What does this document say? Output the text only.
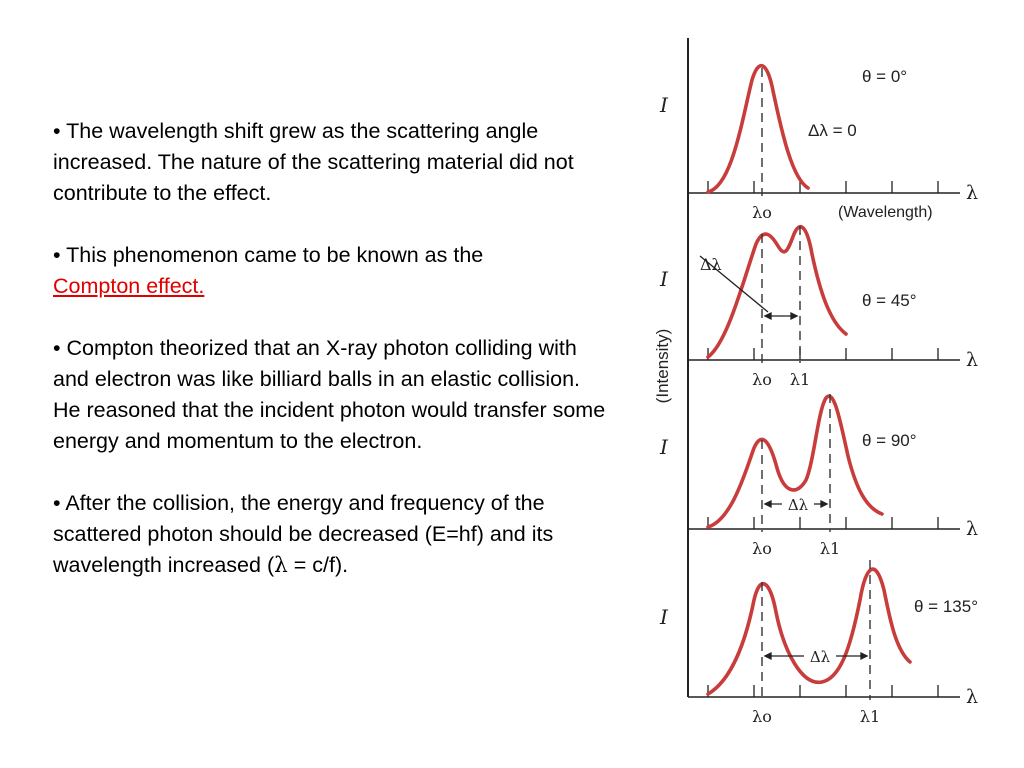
• The wavelength shift grew as the scattering angle increased. The nature of the scattering material did not contribute to the effect.

• This phenomenon came to be known as the
Compton effect.

• Compton theorized that an X-ray photon colliding with and electron was like billiard balls in an elastic collision. He reasoned that the incident photon would transfer some energy and momentum to the electron.

• After the collision, the energy and frequency of the scattered photon should be decreased (E=hf) and its wavelength increased (λ = c/f).

(Intensity)
I
I
I
I
λ
λ
λ
λ
(Wavelength)
θ = 0°
θ = 45°
θ = 90°
θ = 135°
Δλ = 0
Δλ
Δλ
Δλ
λo
λo λ1
λo	λ1
λo	λ1
